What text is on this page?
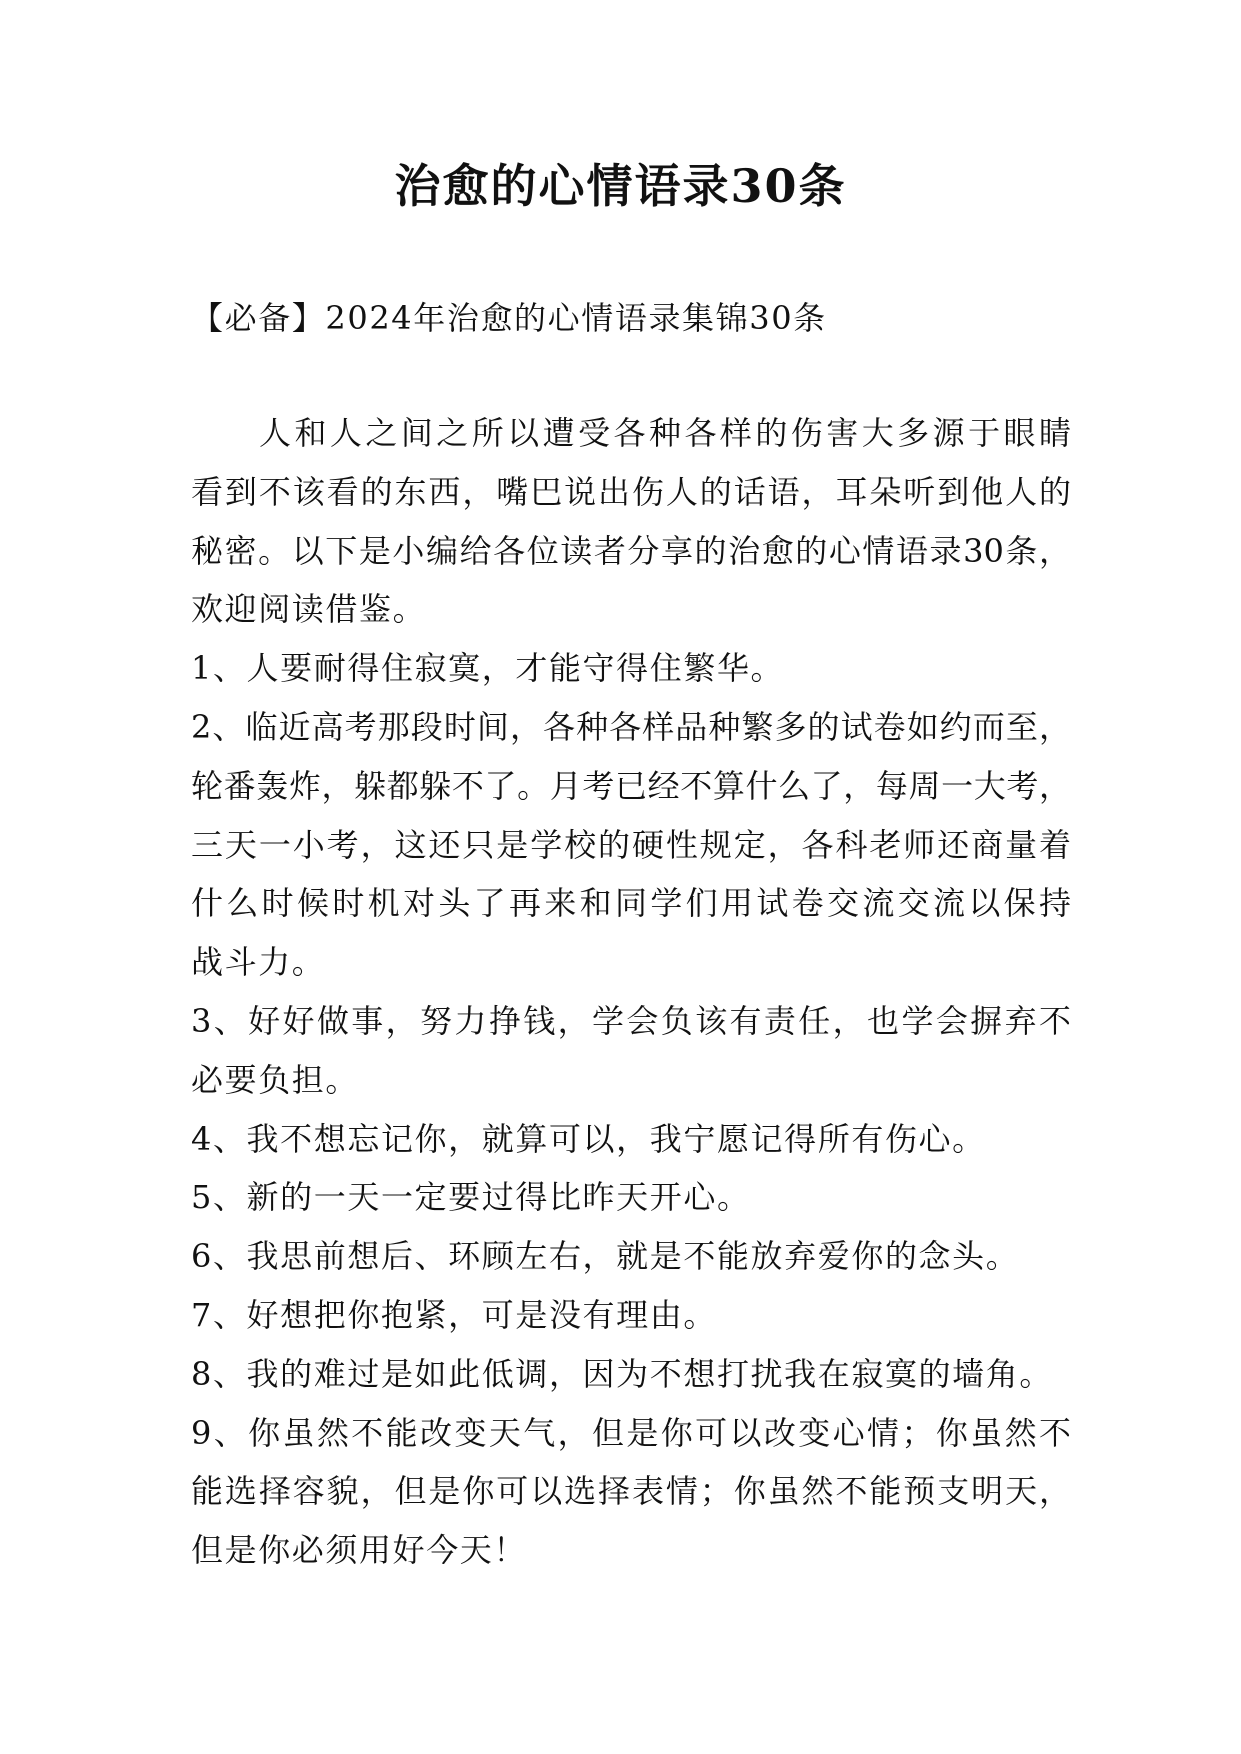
治愈的心情语录30条
【必备】2024年治愈的心情语录集锦30条
人和人之间之所以遭受各种各样的伤害大多源于眼睛
看到不该看的东西，嘴巴说出伤人的话语，耳朵听到他人的
秘密。以下是小编给各位读者分享的治愈的心情语录30条，
欢迎阅读借鉴。
1、人要耐得住寂寞，才能守得住繁华。
2、临近高考那段时间，各种各样品种繁多的试卷如约而至，
轮番轰炸，躲都躲不了。月考已经不算什么了，每周一大考，
三天一小考，这还只是学校的硬性规定，各科老师还商量着
什么时候时机对头了再来和同学们用试卷交流交流以保持
战斗力。
3、好好做事，努力挣钱，学会负该有责任，也学会摒弃不
必要负担。
4、我不想忘记你，就算可以，我宁愿记得所有伤心。
5、新的一天一定要过得比昨天开心。
6、我思前想后、环顾左右，就是不能放弃爱你的念头。
7、好想把你抱紧，可是没有理由。
8、我的难过是如此低调，因为不想打扰我在寂寞的墙角。
9、你虽然不能改变天气，但是你可以改变心情；你虽然不
能选择容貌，但是你可以选择表情；你虽然不能预支明天，
但是你必须用好今天！
